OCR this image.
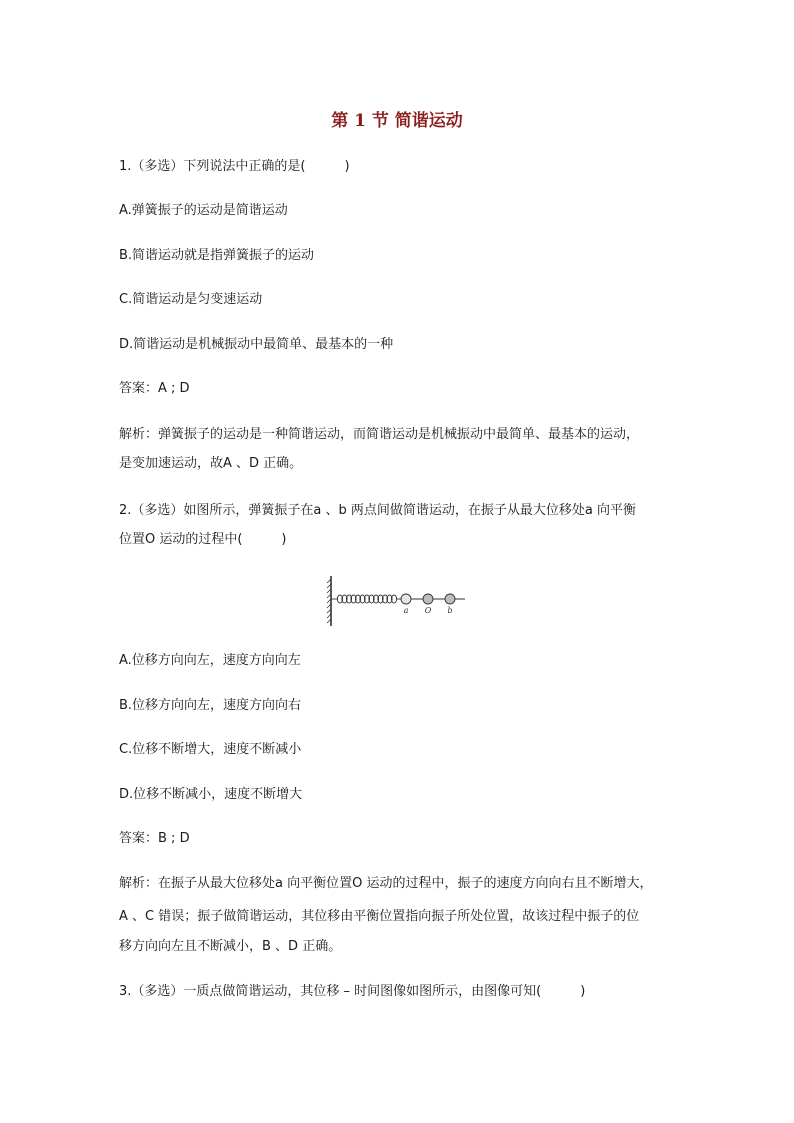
第 1 节 简谐运动
1.（多选）下列说法中正确的是(　　　)
A.弹簧振子的运动是简谐运动
B.简谐运动就是指弹簧振子的运动
C.简谐运动是匀变速运动
D.简谐运动是机械振动中最简单、最基本的一种
答案：A ; D
解析：弹簧振子的运动是一种简谐运动，而简谐运动是机械振动中最简单、最基本的运动，
是变加速运动，故A 、D 正确。
2.（多选）如图所示，弹簧振子在a 、b 两点间做简谐运动，在振子从最大位移处a 向平衡
位置O 运动的过程中(　　　)
a O b
A.位移方向向左，速度方向向左
B.位移方向向左，速度方向向右
C.位移不断增大，速度不断减小
D.位移不断减小，速度不断增大
答案：B ; D
解析：在振子从最大位移处a 向平衡位置O 运动的过程中，振子的速度方向向右且不断增大，
A 、C 错误；振子做简谐运动，其位移由平衡位置指向振子所处位置，故该过程中振子的位
移方向向左且不断减小，B 、D 正确。
3.（多选）一质点做简谐运动，其位移 – 时间图像如图所示，由图像可知(　　　)
